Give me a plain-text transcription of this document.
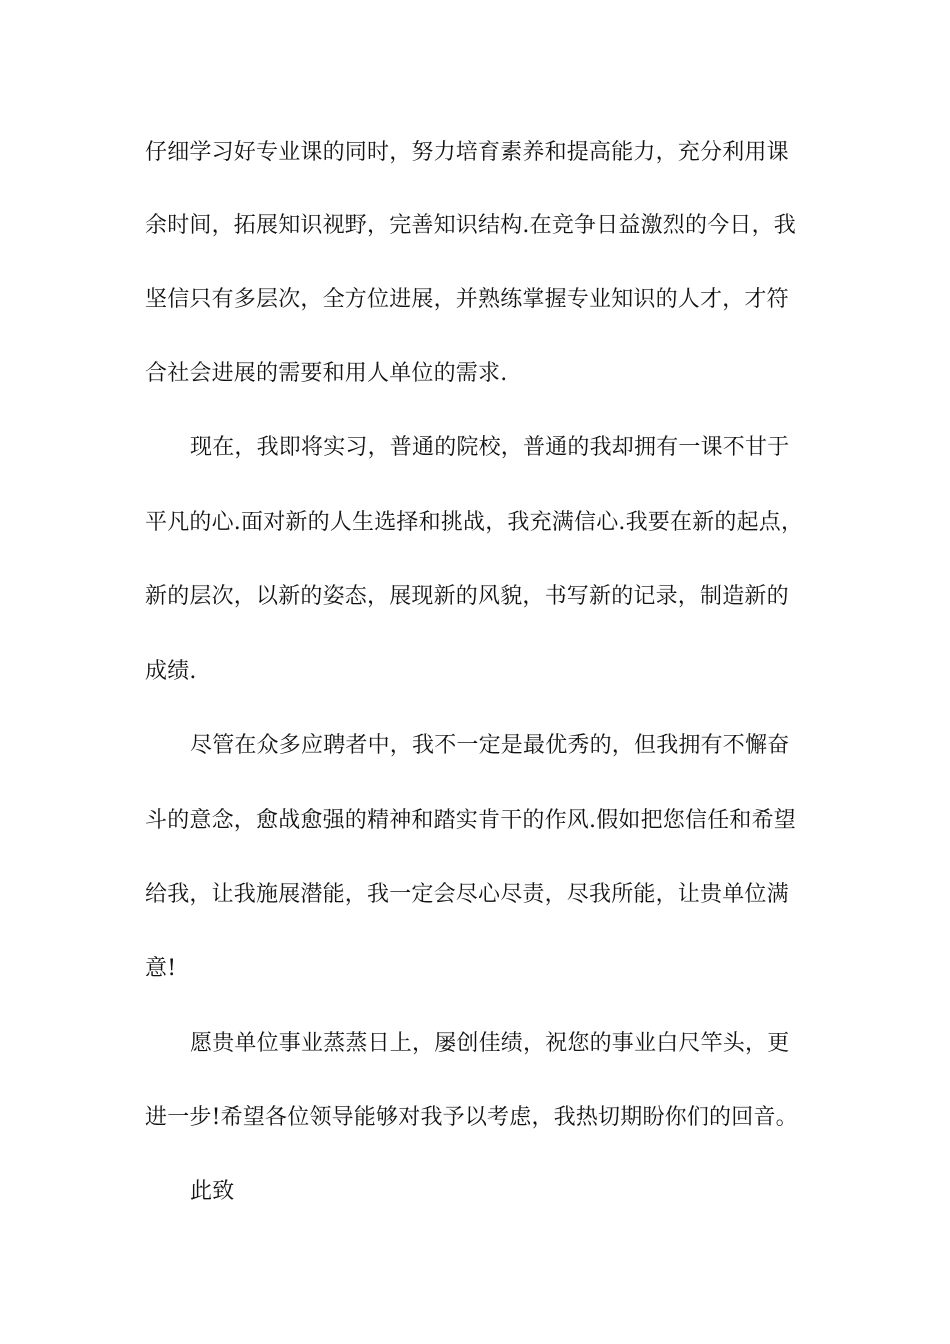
仔细学习好专业课的同时，努力培育素养和提高能力，充分利用课
余时间，拓展知识视野，完善知识结构.在竞争日益激烈的今日，我
坚信只有多层次，全方位进展，并熟练掌握专业知识的人才，才符
合社会进展的需要和用人单位的需求.
现在，我即将实习，普通的院校，普通的我却拥有一课不甘于
平凡的心.面对新的人生选择和挑战，我充满信心.我要在新的起点，
新的层次，以新的姿态，展现新的风貌，书写新的记录，制造新的
成绩.
尽管在众多应聘者中，我不一定是最优秀的，但我拥有不懈奋
斗的意念，愈战愈强的精神和踏实肯干的作风.假如把您信任和希望
给我，让我施展潜能，我一定会尽心尽责，尽我所能，让贵单位满
意!
愿贵单位事业蒸蒸日上，屡创佳绩，祝您的事业白尺竿头，更
进一步!希望各位领导能够对我予以考虑，我热切期盼你们的回音。
此致
